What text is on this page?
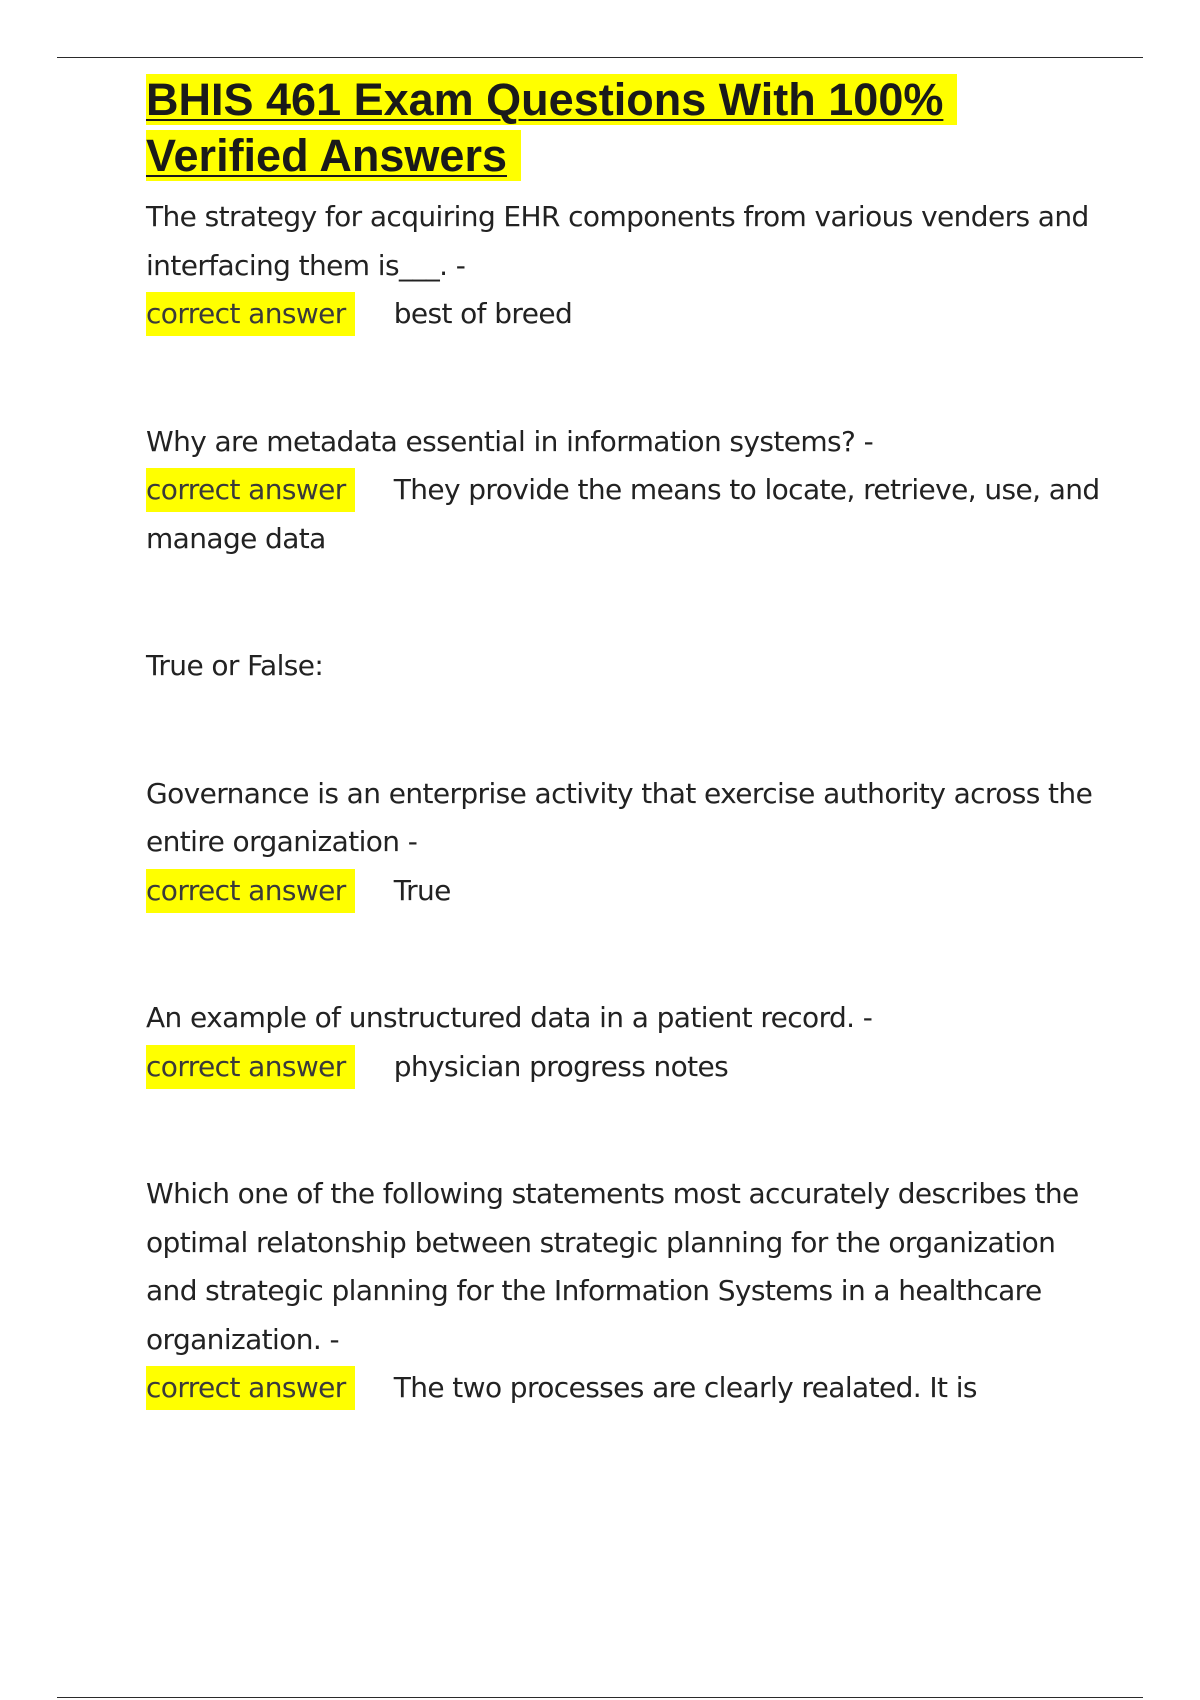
BHIS 461 Exam Questions With 100%
Verified Answers

The strategy for acquiring EHR components from various venders and interfacing them is___. -

correct answer best of breed

Why are metadata essential in information systems? -

correct answer They provide the means to locate, retrieve, use, and manage data

True or False:

Governance is an enterprise activity that exercise authority across the entire organization -

correct answer True

An example of unstructured data in a patient record. -

correct answer physician progress notes

Which one of the following statements most accurately describes the optimal relatonship between strategic planning for the organization and strategic planning for the Information Systems in a healthcare organization. -

correct answer The two processes are clearly realated. It is
